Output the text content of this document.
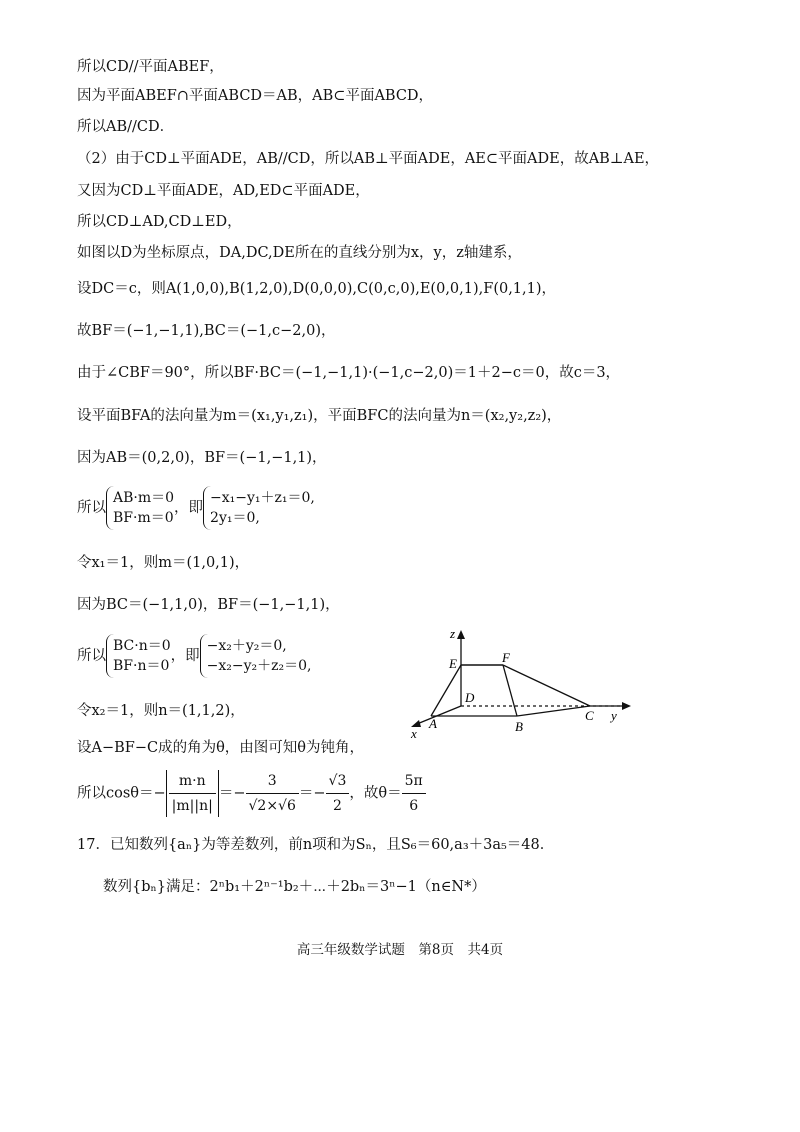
所以CD//平面ABEF，
因为平面ABEF∩平面ABCD＝AB，AB⊂平面ABCD，
所以AB//CD．
（2）由于CD⊥平面ADE，AB//CD，所以AB⊥平面ADE，AE⊂平面ADE，故AB⊥AE，
又因为CD⊥平面ADE，AD,ED⊂平面ADE，
所以CD⊥AD,CD⊥ED，
如图以D为坐标原点，DA,DC,DE所在的直线分别为x，y，z轴建系，
设DC＝c，则A(1,0,0),B(1,2,0),D(0,0,0),C(0,c,0),E(0,0,1),F(0,1,1)，
故BF＝(−1,−1,1),BC＝(−1,c−2,0)，
由于∠CBF＝90°，所以BF·BC＝(−1,−1,1)·(−1,c−2,0)＝1＋2−c＝0，故c＝3，
设平面BFA的法向量为m＝(x₁,y₁,z₁)，平面BFC的法向量为n＝(x₂,y₂,z₂)，
因为AB＝(0,2,0)，BF＝(−1,−1,1)，
所以AB·m＝0
BF·m＝0，即−x₁−y₁＋z₁＝0,
2y₁＝0,
令x₁＝1，则m＝(1,0,1)，
因为BC＝(−1,1,0)，BF＝(−1,−1,1)，
所以BC·n＝0
BF·n＝0，即−x₂＋y₂＝0,
−x₂−y₂＋z₂＝0,
令x₂＝1，则n＝(1,1,2)，
设A−BF−C成的角为θ，由图可知θ为钝角，
所以$\cos\theta=- \frac{m\cdot n}{|m||n|} =- \frac{3}{√2\times√6} =- \frac{√3}{2}$ ，故$\theta= \frac{5\pi}{6}$
17．已知数列{aₙ}为等差数列，前n项和为Sₙ，且S₆＝60,a₃＋3a₅＝48．
数列{bₙ}满足：2ⁿb₁＋2ⁿ⁻¹b₂＋⋯＋2bₙ＝3ⁿ−1（n∈N*）
z
E	F
D
A	B
C
x
y
高三年级数学试题　第8页　共4页
